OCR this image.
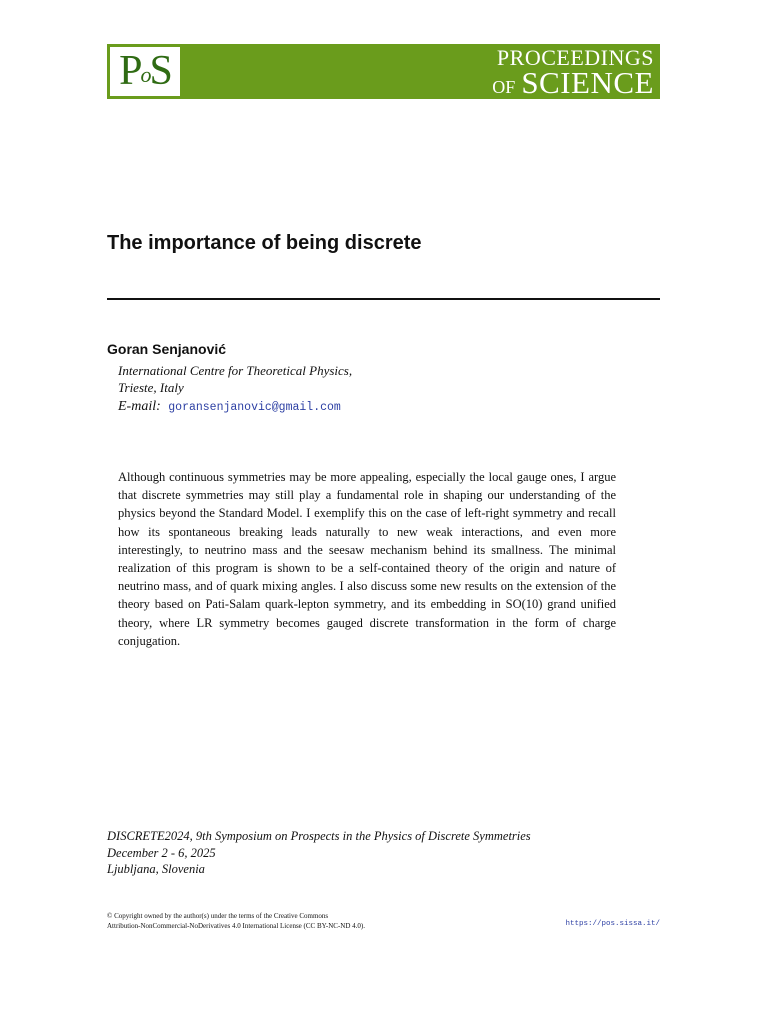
PoS	PROCEEDINGS
OF SCIENCE
The importance of being discrete
Goran Senjanović
International Centre for Theoretical Physics,
Trieste, Italy
E-mail: goransenjanovic@gmail.com

Although continuous symmetries may be more appealing, especially the local gauge ones, I argue that discrete symmetries may still play a fundamental role in shaping our understanding of the physics beyond the Standard Model. I exemplify this on the case of left-right symmetry and recall how its spontaneous breaking leads naturally to new weak interactions, and even more interestingly, to neutrino mass and the seesaw mechanism behind its smallness. The minimal realization of this program is shown to be a self-contained theory of the origin and nature of neutrino mass, and of quark mixing angles. I also discuss some new results on the extension of the theory based on Pati-Salam quark-lepton symmetry, and its embedding in SO(10) grand unified theory, where LR symmetry becomes gauged discrete transformation in the form of charge conjugation.

DISCRETE2024, 9th Symposium on Prospects in the Physics of Discrete Symmetries
December 2 - 6, 2025
Ljubljana, Slovenia
© Copyright owned by the author(s) under the terms of the Creative Commons
Attribution-NonCommercial-NoDerivatives 4.0 International License (CC BY-NC-ND 4.0).	https://pos.sissa.it/
